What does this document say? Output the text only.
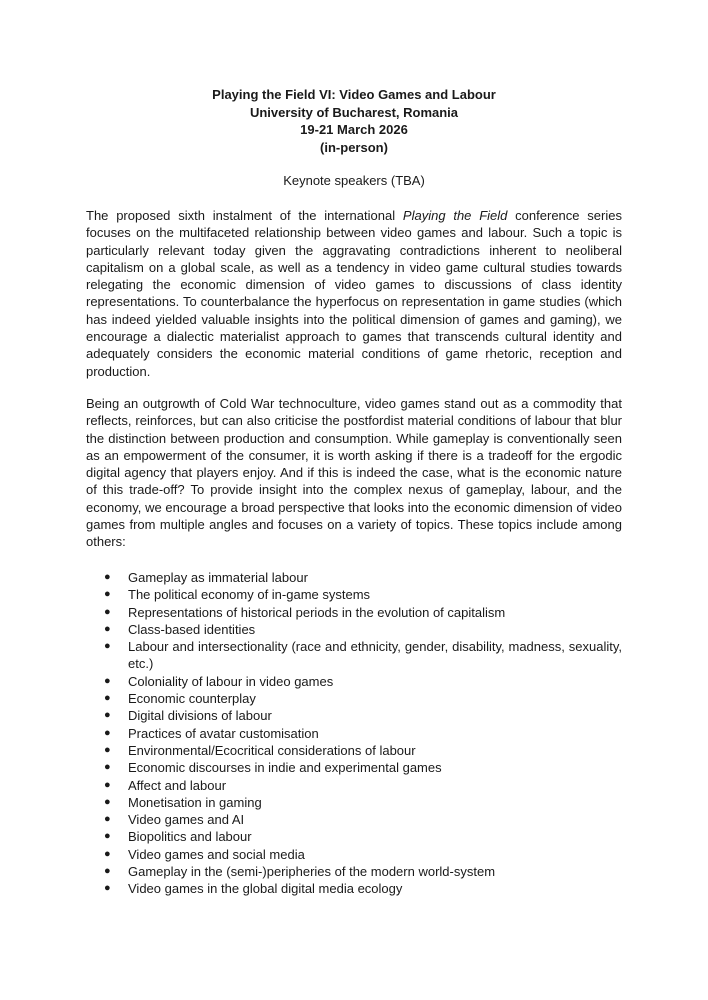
Playing the Field VI: Video Games and Labour
University of Bucharest, Romania
19-21 March 2026
(in-person)
Keynote speakers (TBA)

The proposed sixth instalment of the international Playing the Field conference series focuses on the multifaceted relationship between video games and labour. Such a topic is particularly relevant today given the aggravating contradictions inherent to neoliberal capitalism on a global scale, as well as a tendency in video game cultural studies towards relegating the economic dimension of video games to discussions of class identity representations. To counterbalance the hyperfocus on representation in game studies (which has indeed yielded valuable insights into the political dimension of games and gaming), we encourage a dialectic materialist approach to games that transcends cultural identity and adequately considers the economic material conditions of game rhetoric, reception and production.

Being an outgrowth of Cold War technoculture, video games stand out as a commodity that reflects, reinforces, but can also criticise the postfordist material conditions of labour that blur the distinction between production and consumption. While gameplay is conventionally seen as an empowerment of the consumer, it is worth asking if there is a tradeoff for the ergodic digital agency that players enjoy. And if this is indeed the case, what is the economic nature of this trade-off? To provide insight into the complex nexus of gameplay, labour, and the economy, we encourage a broad perspective that looks into the economic dimension of video games from multiple angles and focuses on a variety of topics. These topics include among others:

● Gameplay as immaterial labour
● The political economy of in-game systems
● Representations of historical periods in the evolution of capitalism
● Class-based identities
● Labour and intersectionality (race and ethnicity, gender, disability, madness, sexuality, etc.)
● Coloniality of labour in video games
● Economic counterplay
● Digital divisions of labour
● Practices of avatar customisation
● Environmental/Ecocritical considerations of labour
● Economic discourses in indie and experimental games
● Affect and labour
● Monetisation in gaming
● Video games and AI
● Biopolitics and labour
● Video games and social media
● Gameplay in the (semi-)peripheries of the modern world-system
● Video games in the global digital media ecology
